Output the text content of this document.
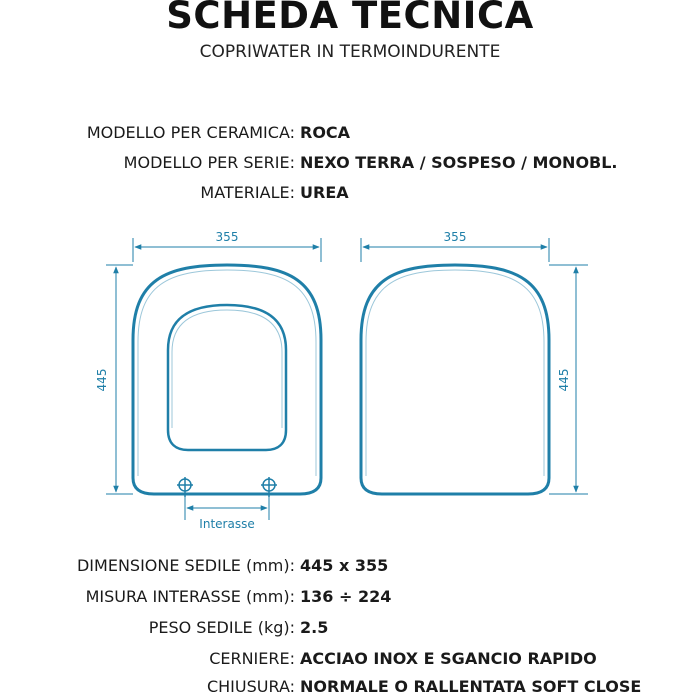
SCHEDA TECNICA
COPRIWATER IN TERMOINDURENTE
MODELLO PER CERAMICA: ROCA
MODELLO PER SERIE: NEXO TERRA / SOSPESO / MONOBL.
MATERIALE: UREA
355
445
Interasse
355
445
DIMENSIONE SEDILE (mm): 445 x 355
MISURA INTERASSE (mm): 136 ÷ 224
PESO SEDILE (kg): 2.5
CERNIERE: ACCIAO INOX E SGANCIO RAPIDO
CHIUSURA: NORMALE O RALLENTATA SOFT CLOSE
